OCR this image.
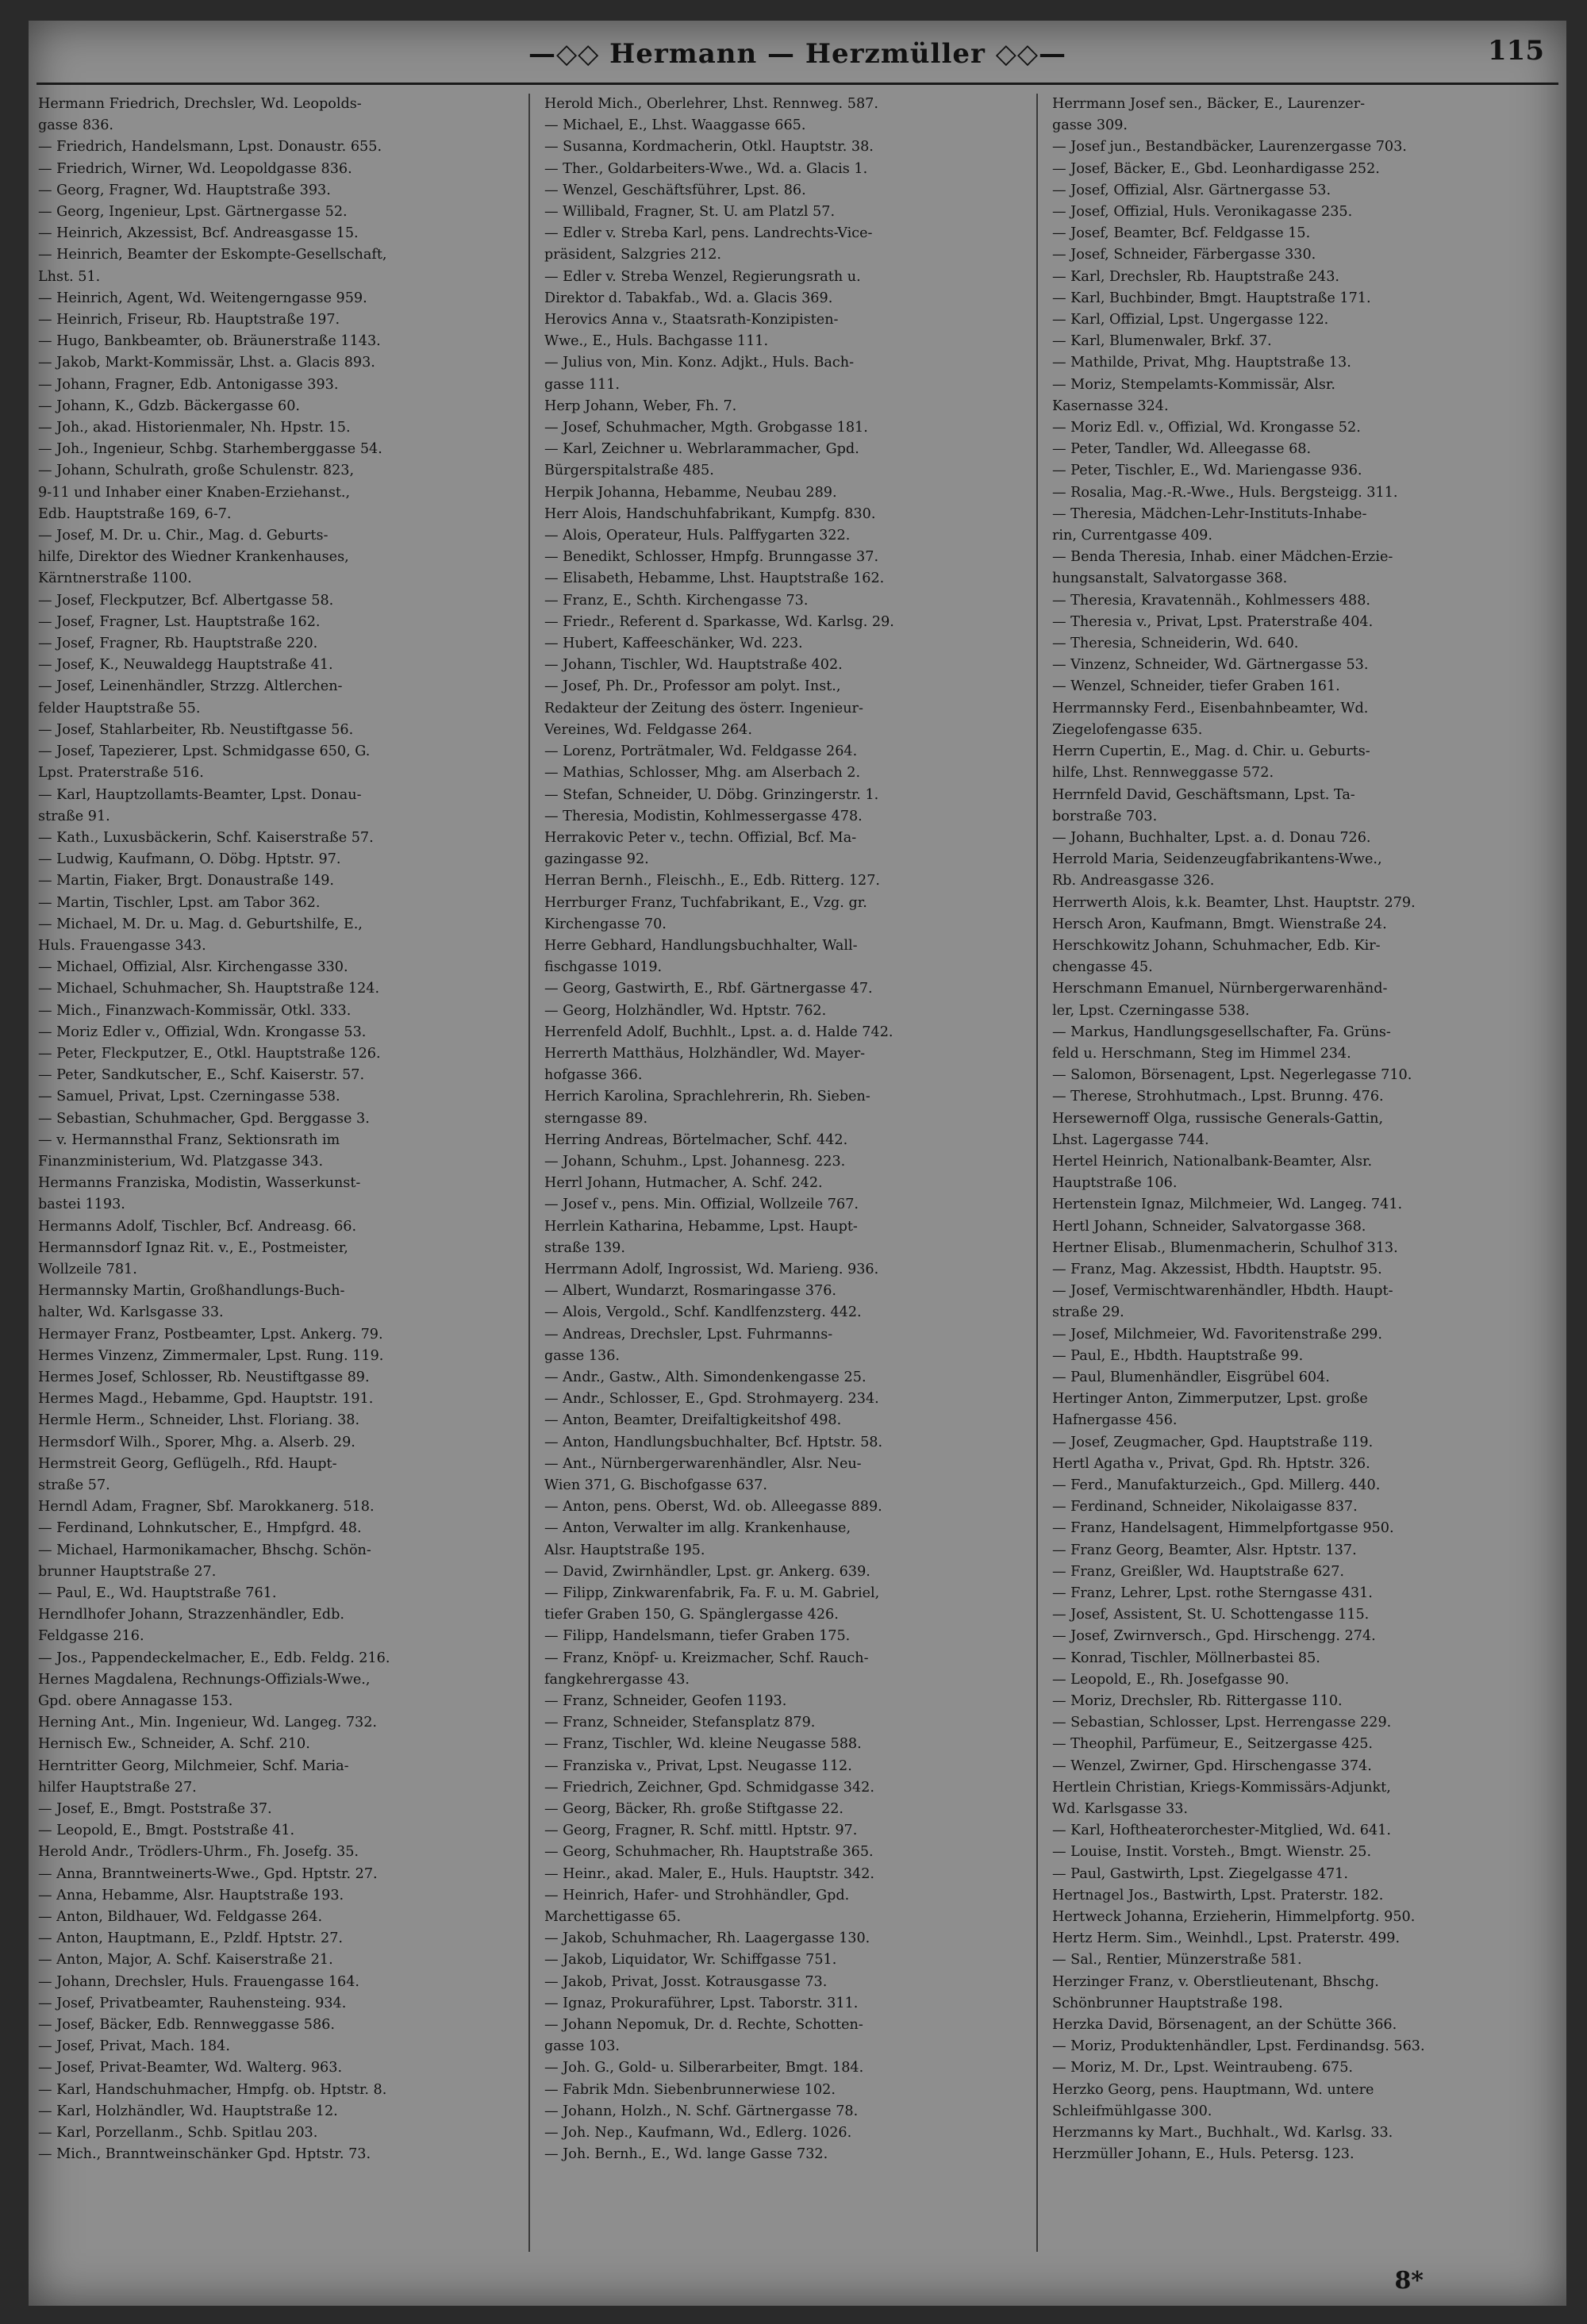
—◇◇ Hermann — Herzmüller ◇◇—	115
Hermann Friedrich, Drechsler, Wd. Leopolds-
gasse 836.
— Friedrich, Handelsmann, Lpst. Donaustr. 655.
— Friedrich, Wirner, Wd. Leopoldgasse 836.
— Georg, Fragner, Wd. Hauptstraße 393.
— Georg, Ingenieur, Lpst. Gärtnergasse 52.
— Heinrich, Akzessist, Bcf. Andreasgasse 15.
— Heinrich, Beamter der Eskompte-Gesellschaft,
Lhst. 51.
— Heinrich, Agent, Wd. Weitengerngasse 959.
— Heinrich, Friseur, Rb. Hauptstraße 197.
— Hugo, Bankbeamter, ob. Bräunerstraße 1143.
— Jakob, Markt-Kommissär, Lhst. a. Glacis 893.
— Johann, Fragner, Edb. Antonigasse 393.
— Johann, K., Gdzb. Bäckergasse 60.
— Joh., akad. Historienmaler, Nh. Hpstr. 15.
— Joh., Ingenieur, Schbg. Starhemberggasse 54.
— Johann, Schulrath, große Schulenstr. 823,
9-11 und Inhaber einer Knaben-Erziehanst.,
Edb. Hauptstraße 169, 6-7.
— Josef, M. Dr. u. Chir., Mag. d. Geburts-
hilfe, Direktor des Wiedner Krankenhauses,
Kärntnerstraße 1100.
— Josef, Fleckputzer, Bcf. Albertgasse 58.
— Josef, Fragner, Lst. Hauptstraße 162.
— Josef, Fragner, Rb. Hauptstraße 220.
— Josef, K., Neuwaldegg Hauptstraße 41.
— Josef, Leinenhändler, Strzzg. Altlerchen-
felder Hauptstraße 55.
— Josef, Stahlarbeiter, Rb. Neustiftgasse 56.
— Josef, Tapezierer, Lpst. Schmidgasse 650, G.
Lpst. Praterstraße 516.
— Karl, Hauptzollamts-Beamter, Lpst. Donau-
straße 91.
— Kath., Luxusbäckerin, Schf. Kaiserstraße 57.
— Ludwig, Kaufmann, O. Döbg. Hptstr. 97.
— Martin, Fiaker, Brgt. Donaustraße 149.
— Martin, Tischler, Lpst. am Tabor 362.
— Michael, M. Dr. u. Mag. d. Geburtshilfe, E.,
Huls. Frauengasse 343.
— Michael, Offizial, Alsr. Kirchengasse 330.
— Michael, Schuhmacher, Sh. Hauptstraße 124.
— Mich., Finanzwach-Kommissär, Otkl. 333.
— Moriz Edler v., Offizial, Wdn. Krongasse 53.
— Peter, Fleckputzer, E., Otkl. Hauptstraße 126.
— Peter, Sandkutscher, E., Schf. Kaiserstr. 57.
— Samuel, Privat, Lpst. Czerningasse 538.
— Sebastian, Schuhmacher, Gpd. Berggasse 3.
— v. Hermannsthal Franz, Sektionsrath im
Finanzministerium, Wd. Platzgasse 343.
Hermanns Franziska, Modistin, Wasserkunst-
bastei 1193.
Hermanns Adolf, Tischler, Bcf. Andreasg. 66.
Hermannsdorf Ignaz Rit. v., E., Postmeister,
Wollzeile 781.
Hermannsky Martin, Großhandlungs-Buch-
halter, Wd. Karlsgasse 33.
Hermayer Franz, Postbeamter, Lpst. Ankerg. 79.
Hermes Vinzenz, Zimmermaler, Lpst. Rung. 119.
Hermes Josef, Schlosser, Rb. Neustiftgasse 89.
Hermes Magd., Hebamme, Gpd. Hauptstr. 191.
Hermle Herm., Schneider, Lhst. Floriang. 38.
Hermsdorf Wilh., Sporer, Mhg. a. Alserb. 29.
Hermstreit Georg, Geflügelh., Rfd. Haupt-
straße 57.
Herndl Adam, Fragner, Sbf. Marokkanerg. 518.
— Ferdinand, Lohnkutscher, E., Hmpfgrd. 48.
— Michael, Harmonikamacher, Bhschg. Schön-
brunner Hauptstraße 27.
— Paul, E., Wd. Hauptstraße 761.
Herndlhofer Johann, Strazzenhändler, Edb.
Feldgasse 216.
— Jos., Pappendeckelmacher, E., Edb. Feldg. 216.
Hernes Magdalena, Rechnungs-Offizials-Wwe.,
Gpd. obere Annagasse 153.
Herning Ant., Min. Ingenieur, Wd. Langeg. 732.
Hernisch Ew., Schneider, A. Schf. 210.
Herntritter Georg, Milchmeier, Schf. Maria-
hilfer Hauptstraße 27.
— Josef, E., Bmgt. Poststraße 37.
— Leopold, E., Bmgt. Poststraße 41.
Herold Andr., Trödlers-Uhrm., Fh. Josefg. 35.
— Anna, Branntweinerts-Wwe., Gpd. Hptstr. 27.
— Anna, Hebamme, Alsr. Hauptstraße 193.
— Anton, Bildhauer, Wd. Feldgasse 264.
— Anton, Hauptmann, E., Pzldf. Hptstr. 27.
— Anton, Major, A. Schf. Kaiserstraße 21.
— Johann, Drechsler, Huls. Frauengasse 164.
— Josef, Privatbeamter, Rauhensteing. 934.
— Josef, Bäcker, Edb. Rennweggasse 586.
— Josef, Privat, Mach. 184.
— Josef, Privat-Beamter, Wd. Walterg. 963.
— Karl, Handschuhmacher, Hmpfg. ob. Hptstr. 8.
— Karl, Holzhändler, Wd. Hauptstraße 12.
— Karl, Porzellanm., Schb. Spitlau 203.
— Mich., Branntweinschänker Gpd. Hptstr. 73.
Herold Mich., Oberlehrer, Lhst. Rennweg. 587.
— Michael, E., Lhst. Waaggasse 665.
— Susanna, Kordmacherin, Otkl. Hauptstr. 38.
— Ther., Goldarbeiters-Wwe., Wd. a. Glacis 1.
— Wenzel, Geschäftsführer, Lpst. 86.
— Willibald, Fragner, St. U. am Platzl 57.
— Edler v. Streba Karl, pens. Landrechts-Vice-
präsident, Salzgries 212.
— Edler v. Streba Wenzel, Regierungsrath u.
Direktor d. Tabakfab., Wd. a. Glacis 369.
Herovics Anna v., Staatsrath-Konzipisten-
Wwe., E., Huls. Bachgasse 111.
— Julius von, Min. Konz. Adjkt., Huls. Bach-
gasse 111.
Herp Johann, Weber, Fh. 7.
— Josef, Schuhmacher, Mgth. Grobgasse 181.
— Karl, Zeichner u. Webrlarammacher, Gpd.
Bürgerspitalstraße 485.
Herpik Johanna, Hebamme, Neubau 289.
Herr Alois, Handschuhfabrikant, Kumpfg. 830.
— Alois, Operateur, Huls. Palffygarten 322.
— Benedikt, Schlosser, Hmpfg. Brunngasse 37.
— Elisabeth, Hebamme, Lhst. Hauptstraße 162.
— Franz, E., Schth. Kirchengasse 73.
— Friedr., Referent d. Sparkasse, Wd. Karlsg. 29.
— Hubert, Kaffeeschänker, Wd. 223.
— Johann, Tischler, Wd. Hauptstraße 402.
— Josef, Ph. Dr., Professor am polyt. Inst.,
Redakteur der Zeitung des österr. Ingenieur-
Vereines, Wd. Feldgasse 264.
— Lorenz, Porträtmaler, Wd. Feldgasse 264.
— Mathias, Schlosser, Mhg. am Alserbach 2.
— Stefan, Schneider, U. Döbg. Grinzingerstr. 1.
— Theresia, Modistin, Kohlmessergasse 478.
Herrakovic Peter v., techn. Offizial, Bcf. Ma-
gazingasse 92.
Herran Bernh., Fleischh., E., Edb. Ritterg. 127.
Herrburger Franz, Tuchfabrikant, E., Vzg. gr.
Kirchengasse 70.
Herre Gebhard, Handlungsbuchhalter, Wall-
fischgasse 1019.
— Georg, Gastwirth, E., Rbf. Gärtnergasse 47.
— Georg, Holzhändler, Wd. Hptstr. 762.
Herrenfeld Adolf, Buchhlt., Lpst. a. d. Halde 742.
Herrerth Matthäus, Holzhändler, Wd. Mayer-
hofgasse 366.
Herrich Karolina, Sprachlehrerin, Rh. Sieben-
sterngasse 89.
Herring Andreas, Börtelmacher, Schf. 442.
— Johann, Schuhm., Lpst. Johannesg. 223.
Herrl Johann, Hutmacher, A. Schf. 242.
— Josef v., pens. Min. Offizial, Wollzeile 767.
Herrlein Katharina, Hebamme, Lpst. Haupt-
straße 139.
Herrmann Adolf, Ingrossist, Wd. Marieng. 936.
— Albert, Wundarzt, Rosmaringasse 376.
— Alois, Vergold., Schf. Kandlfenzsterg. 442.
— Andreas, Drechsler, Lpst. Fuhrmanns-
gasse 136.
— Andr., Gastw., Alth. Simondenkengasse 25.
— Andr., Schlosser, E., Gpd. Strohmayerg. 234.
— Anton, Beamter, Dreifaltigkeitshof 498.
— Anton, Handlungsbuchhalter, Bcf. Hptstr. 58.
— Ant., Nürnbergerwarenhändler, Alsr. Neu-
Wien 371, G. Bischofgasse 637.
— Anton, pens. Oberst, Wd. ob. Alleegasse 889.
— Anton, Verwalter im allg. Krankenhause,
Alsr. Hauptstraße 195.
— David, Zwirnhändler, Lpst. gr. Ankerg. 639.
— Filipp, Zinkwarenfabrik, Fa. F. u. M. Gabriel,
tiefer Graben 150, G. Spänglergasse 426.
— Filipp, Handelsmann, tiefer Graben 175.
— Franz, Knöpf- u. Kreizmacher, Schf. Rauch-
fangkehrergasse 43.
— Franz, Schneider, Geofen 1193.
— Franz, Schneider, Stefansplatz 879.
— Franz, Tischler, Wd. kleine Neugasse 588.
— Franziska v., Privat, Lpst. Neugasse 112.
— Friedrich, Zeichner, Gpd. Schmidgasse 342.
— Georg, Bäcker, Rh. große Stiftgasse 22.
— Georg, Fragner, R. Schf. mittl. Hptstr. 97.
— Georg, Schuhmacher, Rh. Hauptstraße 365.
— Heinr., akad. Maler, E., Huls. Hauptstr. 342.
— Heinrich, Hafer- und Strohhändler, Gpd.
Marchettigasse 65.
— Jakob, Schuhmacher, Rh. Laagergasse 130.
— Jakob, Liquidator, Wr. Schiffgasse 751.
— Jakob, Privat, Josst. Kotrausgasse 73.
— Ignaz, Prokuraführer, Lpst. Taborstr. 311.
— Johann Nepomuk, Dr. d. Rechte, Schotten-
gasse 103.
— Joh. G., Gold- u. Silberarbeiter, Bmgt. 184.
— Fabrik Mdn. Siebenbrunnerwiese 102.
— Johann, Holzh., N. Schf. Gärtnergasse 78.
— Joh. Nep., Kaufmann, Wd., Edlerg. 1026.
— Joh. Bernh., E., Wd. lange Gasse 732.
Herrmann Josef sen., Bäcker, E., Laurenzer-
gasse 309.
— Josef jun., Bestandbäcker, Laurenzergasse 703.
— Josef, Bäcker, E., Gbd. Leonhardigasse 252.
— Josef, Offizial, Alsr. Gärtnergasse 53.
— Josef, Offizial, Huls. Veronikagasse 235.
— Josef, Beamter, Bcf. Feldgasse 15.
— Josef, Schneider, Färbergasse 330.
— Karl, Drechsler, Rb. Hauptstraße 243.
— Karl, Buchbinder, Bmgt. Hauptstraße 171.
— Karl, Offizial, Lpst. Ungergasse 122.
— Karl, Blumenwaler, Brkf. 37.
— Mathilde, Privat, Mhg. Hauptstraße 13.
— Moriz, Stempelamts-Kommissär, Alsr.
Kasernasse 324.
— Moriz Edl. v., Offizial, Wd. Krongasse 52.
— Peter, Tandler, Wd. Alleegasse 68.
— Peter, Tischler, E., Wd. Mariengasse 936.
— Rosalia, Mag.-R.-Wwe., Huls. Bergsteigg. 311.
— Theresia, Mädchen-Lehr-Instituts-Inhabe-
rin, Currentgasse 409.
— Benda Theresia, Inhab. einer Mädchen-Erzie-
hungsanstalt, Salvatorgasse 368.
— Theresia, Kravatennäh., Kohlmessers 488.
— Theresia v., Privat, Lpst. Praterstraße 404.
— Theresia, Schneiderin, Wd. 640.
— Vinzenz, Schneider, Wd. Gärtnergasse 53.
— Wenzel, Schneider, tiefer Graben 161.
Herrmannsky Ferd., Eisenbahnbeamter, Wd.
Ziegelofengasse 635.
Herrn Cupertin, E., Mag. d. Chir. u. Geburts-
hilfe, Lhst. Rennweggasse 572.
Herrnfeld David, Geschäftsmann, Lpst. Ta-
borstraße 703.
— Johann, Buchhalter, Lpst. a. d. Donau 726.
Herrold Maria, Seidenzeugfabrikantens-Wwe.,
Rb. Andreasgasse 326.
Herrwerth Alois, k.k. Beamter, Lhst. Hauptstr. 279.
Hersch Aron, Kaufmann, Bmgt. Wienstraße 24.
Herschkowitz Johann, Schuhmacher, Edb. Kir-
chengasse 45.
Herschmann Emanuel, Nürnbergerwarenhänd-
ler, Lpst. Czerningasse 538.
— Markus, Handlungsgesellschafter, Fa. Grüns-
feld u. Herschmann, Steg im Himmel 234.
— Salomon, Börsenagent, Lpst. Negerlegasse 710.
— Therese, Strohhutmach., Lpst. Brunng. 476.
Hersewernoff Olga, russische Generals-Gattin,
Lhst. Lagergasse 744.
Hertel Heinrich, Nationalbank-Beamter, Alsr.
Hauptstraße 106.
Hertenstein Ignaz, Milchmeier, Wd. Langeg. 741.
Hertl Johann, Schneider, Salvatorgasse 368.
Hertner Elisab., Blumenmacherin, Schulhof 313.
— Franz, Mag. Akzessist, Hbdth. Hauptstr. 95.
— Josef, Vermischtwarenhändler, Hbdth. Haupt-
straße 29.
— Josef, Milchmeier, Wd. Favoritenstraße 299.
— Paul, E., Hbdth. Hauptstraße 99.
— Paul, Blumenhändler, Eisgrübel 604.
Hertinger Anton, Zimmerputzer, Lpst. große
Hafnergasse 456.
— Josef, Zeugmacher, Gpd. Hauptstraße 119.
Hertl Agatha v., Privat, Gpd. Rh. Hptstr. 326.
— Ferd., Manufakturzeich., Gpd. Millerg. 440.
— Ferdinand, Schneider, Nikolaigasse 837.
— Franz, Handelsagent, Himmelpfortgasse 950.
— Franz Georg, Beamter, Alsr. Hptstr. 137.
— Franz, Greißler, Wd. Hauptstraße 627.
— Franz, Lehrer, Lpst. rothe Sterngasse 431.
— Josef, Assistent, St. U. Schottengasse 115.
— Josef, Zwirnversch., Gpd. Hirschengg. 274.
— Konrad, Tischler, Möllnerbastei 85.
— Leopold, E., Rh. Josefgasse 90.
— Moriz, Drechsler, Rb. Rittergasse 110.
— Sebastian, Schlosser, Lpst. Herrengasse 229.
— Theophil, Parfümeur, E., Seitzergasse 425.
— Wenzel, Zwirner, Gpd. Hirschengasse 374.
Hertlein Christian, Kriegs-Kommissärs-Adjunkt,
Wd. Karlsgasse 33.
— Karl, Hoftheaterorchester-Mitglied, Wd. 641.
— Louise, Instit. Vorsteh., Bmgt. Wienstr. 25.
— Paul, Gastwirth, Lpst. Ziegelgasse 471.
Hertnagel Jos., Bastwirth, Lpst. Praterstr. 182.
Hertweck Johanna, Erzieherin, Himmelpfortg. 950.
Hertz Herm. Sim., Weinhdl., Lpst. Praterstr. 499.
— Sal., Rentier, Münzerstraße 581.
Herzinger Franz, v. Oberstlieutenant, Bhschg.
Schönbrunner Hauptstraße 198.
Herzka David, Börsenagent, an der Schütte 366.
— Moriz, Produktenhändler, Lpst. Ferdinandsg. 563.
— Moriz, M. Dr., Lpst. Weintraubeng. 675.
Herzko Georg, pens. Hauptmann, Wd. untere
Schleifmühlgasse 300.
Herzmanns ky Mart., Buchhalt., Wd. Karlsg. 33.
Herzmüller Johann, E., Huls. Petersg. 123.
8*
